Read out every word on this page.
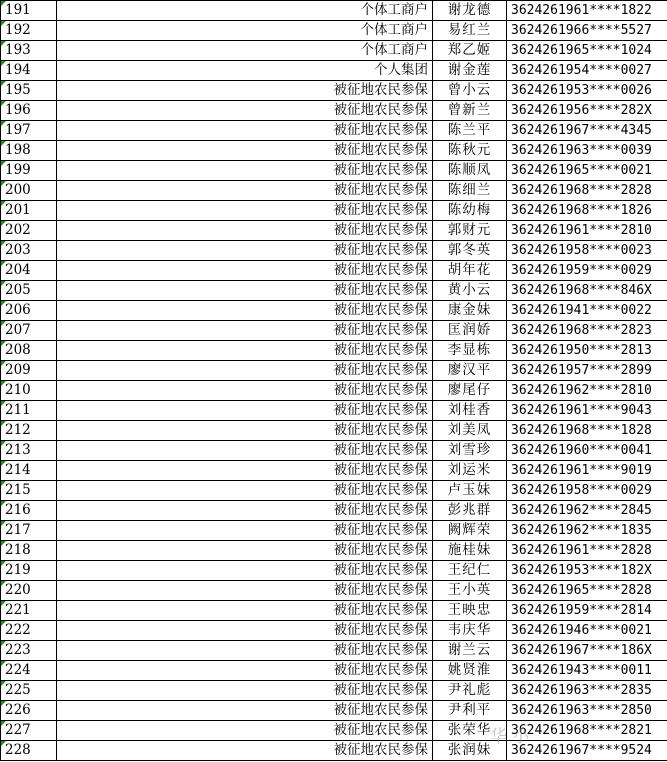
191	个体工商户	谢龙德	3624261961****1822
192	个体工商户	易红兰	3624261966****5527
193	个体工商户	郑乙姬	3624261965****1024
194	个人集团	谢金莲	3624261954****0027
195	被征地农民参保	曾小云	3624261953****0026
196	被征地农民参保	曾新兰	3624261956****282X
197	被征地农民参保	陈兰平	3624261967****4345
198	被征地农民参保	陈秋元	3624261963****0039
199	被征地农民参保	陈顺凤	3624261965****0021
200	被征地农民参保	陈细兰	3624261968****2828
201	被征地农民参保	陈幼梅	3624261968****1826
202	被征地农民参保	郭财元	3624261961****2810
203	被征地农民参保	郭冬英	3624261958****0023
204	被征地农民参保	胡年花	3624261959****0029
205	被征地农民参保	黄小云	3624261968****846X
206	被征地农民参保	康金妹	3624261941****0022
207	被征地农民参保	匡润娇	3624261968****2823
208	被征地农民参保	李显栋	3624261950****2813
209	被征地农民参保	廖汉平	3624261957****2899
210	被征地农民参保	廖尾仔	3624261962****2810
211	被征地农民参保	刘桂香	3624261961****9043
212	被征地农民参保	刘美凤	3624261968****1828
213	被征地农民参保	刘雪珍	3624261960****0041
214	被征地农民参保	刘运米	3624261961****9019
215	被征地农民参保	卢玉妹	3624261958****0029
216	被征地农民参保	彭兆群	3624261962****2845
217	被征地农民参保	阙辉荣	3624261962****1835
218	被征地农民参保	施桂妹	3624261961****2828
219	被征地农民参保	王纪仁	3624261953****182X
220	被征地农民参保	王小英	3624261965****2828
221	被征地农民参保	王映忠	3624261959****2814
222	被征地农民参保	韦庆华	3624261946****0021
223	被征地农民参保	谢兰云	3624261967****186X
224	被征地农民参保	姚贤淮	3624261943****0011
225	被征地农民参保	尹礼彪	3624261963****2835
226	被征地农民参保	尹利平	3624261963****2850
227	被征地农民参保	张荣华	3624261968****2821
228	被征地农民参保	张润妹	3624261967****9524
华 小
